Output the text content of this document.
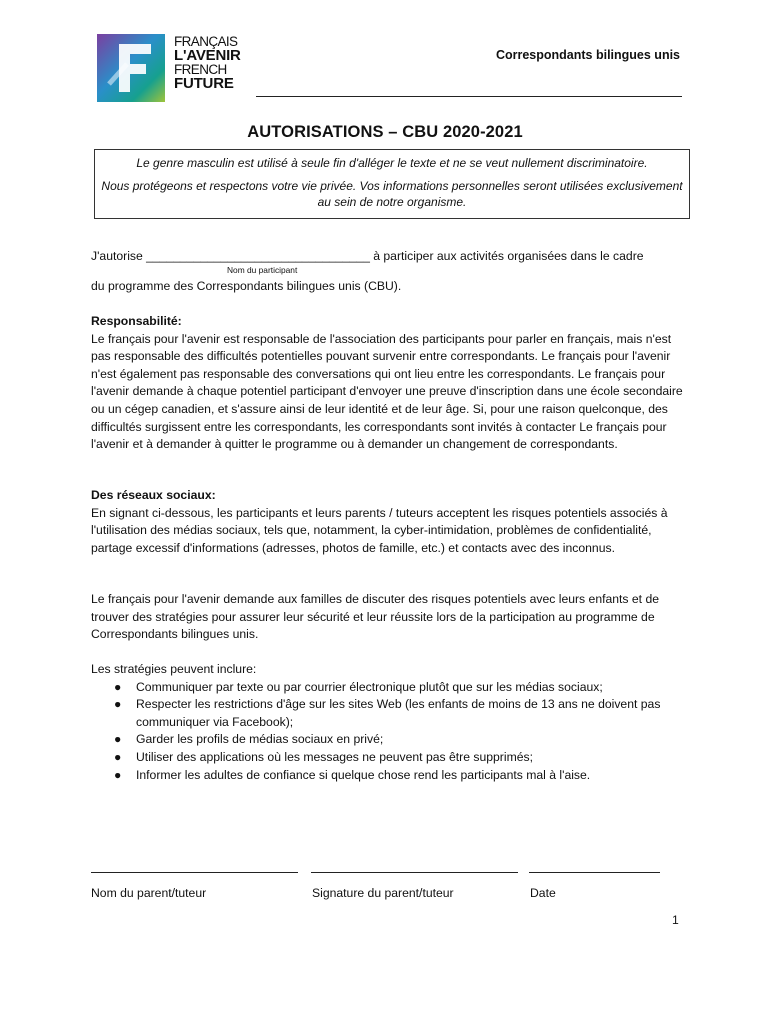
FRANÇAIS
L'AVENIR
FRENCH
FUTURE
Correspondants bilingues unis
AUTORISATIONS – CBU 2020-2021

Le genre masculin est utilisé à seule fin d'alléger le texte et ne se veut nullement discriminatoire.

Nous protégeons et respectons votre vie privée. Vos informations personnelles seront utilisées exclusivement au sein de notre organisme.

J'autorise _________________________________ à participer aux activités organisées dans le cadre
Nom du participant
du programme des Correspondants bilingues unis (CBU).
Responsabilité:

Le français pour l'avenir est responsable de l'association des participants pour parler en français, mais n'est pas responsable des difficultés potentielles pouvant survenir entre correspondants. Le français pour l'avenir n'est également pas responsable des conversations qui ont lieu entre les correspondants. Le français pour l'avenir demande à chaque potentiel participant d'envoyer une preuve d'inscription dans une école secondaire ou un cégep canadien, et s'assure ainsi de leur identité et de leur âge. Si, pour une raison quelconque, des difficultés surgissent entre les correspondants, les correspondants sont invités à contacter Le français pour l'avenir et à demander à quitter le programme ou à demander un changement de correspondants.

Des réseaux sociaux:

En signant ci-dessous, les participants et leurs parents / tuteurs acceptent les risques potentiels associés à l'utilisation des médias sociaux, tels que, notamment, la cyber-intimidation, problèmes de confidentialité, partage excessif d'informations (adresses, photos de famille, etc.) et contacts avec des inconnus.

Le français pour l'avenir demande aux familles de discuter des risques potentiels avec leurs enfants et de trouver des stratégies pour assurer leur sécurité et leur réussite lors de la participation au programme de Correspondants bilingues unis.

Les stratégies peuvent inclure:
● Communiquer par texte ou par courrier électronique plutôt que sur les médias sociaux;
● Respecter les restrictions d'âge sur les sites Web (les enfants de moins de 13 ans ne doivent pas communiquer via Facebook);
● Garder les profils de médias sociaux en privé;
● Utiliser des applications où les messages ne peuvent pas être supprimés;
● Informer les adultes de confiance si quelque chose rend les participants mal à l'aise.
Nom du parent/tuteur	Signature du parent/tuteur	Date
1
